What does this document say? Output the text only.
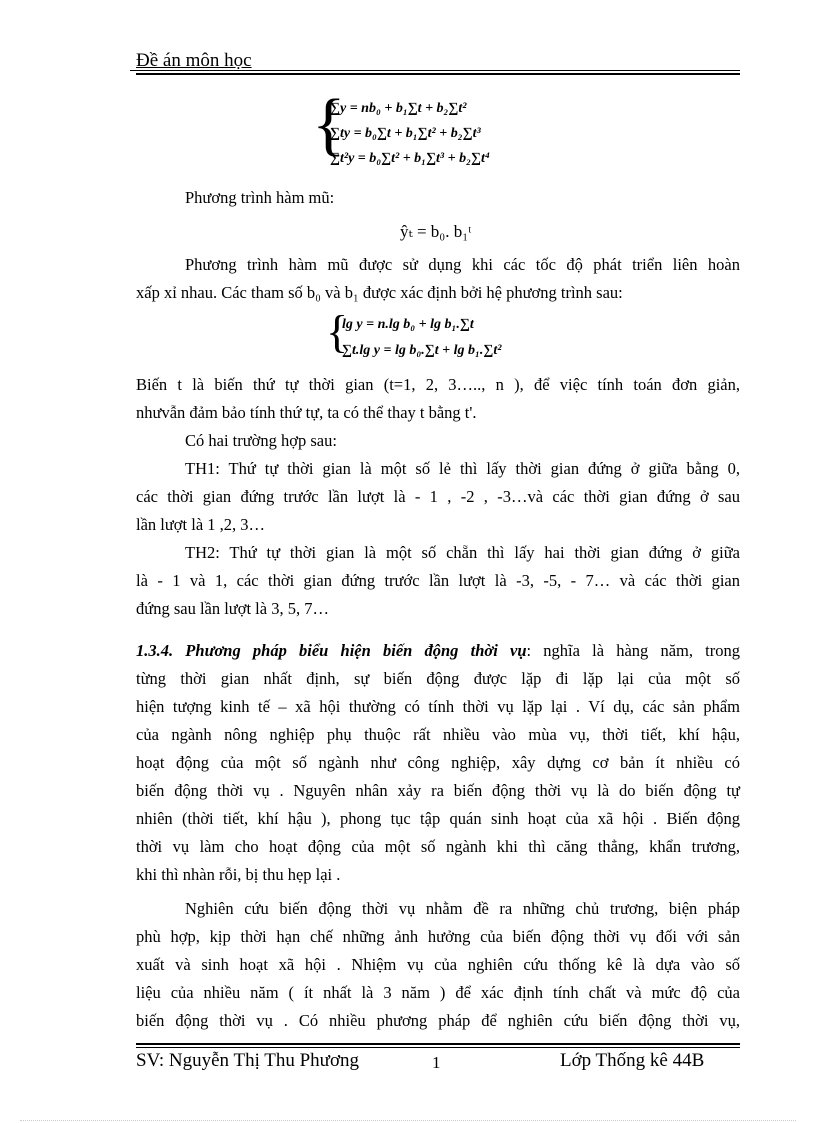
Đề án môn học
{
∑y = nb₀ + b₁∑t + b₂∑t²
∑ty = b₀∑t + b₁∑t² + b₂∑t³
∑t²y = b₀∑t² + b₁∑t³ + b₂∑t⁴
Phương trình hàm mũ:
ŷₜ = b₀. b₁ᵗ
Phương trình hàm mũ được sử dụng khi các tốc độ phát triển liên hoàn
xấp xỉ nhau. Các tham số b₀ và b₁ được xác định bởi hệ phương trình sau:
{
lg y = n.lg b₀ + lg b₁.∑t
∑t.lg y = lg b₀.∑t + lg b₁.∑t²
Biến t là biến thứ tự thời gian (t=1, 2, 3….., n ), để việc tính toán đơn giản,
nhưvẫn đảm bảo tính thứ tự, ta có thể thay t bằng t'.
Có hai trường hợp sau:
TH1: Thứ tự thời gian là một số lẻ thì lấy thời gian đứng ở giữa bằng 0,
các thời gian đứng trước lần lượt là - 1 , -2 , -3…và các thời gian đứng ở sau
lần lượt là 1 ,2, 3…
TH2: Thứ tự thời gian là một số chẵn thì lấy hai thời gian đứng ở giữa
là - 1 và 1, các thời gian đứng trước lần lượt là -3, -5, - 7… và các thời gian
đứng sau lần lượt là 3, 5, 7…
1.3.4. Phương pháp biểu hiện biến động thời vụ: nghĩa là hàng năm, trong
từng thời gian nhất định, sự biến động được lặp đi lặp lại của một số
hiện tượng kinh tế – xã hội thường có tính thời vụ lặp lại . Ví dụ, các sản phẩm
của ngành nông nghiệp phụ thuộc rất nhiều vào mùa vụ, thời tiết, khí hậu,
hoạt động của một số ngành như công nghiệp, xây dựng cơ bản ít nhiều có
biến động thời vụ . Nguyên nhân xảy ra biến động thời vụ là do biến động tự
nhiên (thời tiết, khí hậu ), phong tục tập quán sinh hoạt của xã hội . Biến động
thời vụ làm cho hoạt động của một số ngành khi thì căng thẳng, khẩn trương,
khi thì nhàn rỗi, bị thu hẹp lại .
Nghiên cứu biến động thời vụ nhằm đề ra những chủ trương, biện pháp
phù hợp, kịp thời hạn chế những ảnh hưởng của biến động thời vụ đối với sản
xuất và sinh hoạt xã hội . Nhiệm vụ của nghiên cứu thống kê là dựa vào số
liệu của nhiều năm ( ít nhất là 3 năm ) để xác định tính chất và mức độ của
biến động thời vụ . Có nhiều phương pháp để nghiên cứu biến động thời vụ,
SV: Nguyễn Thị Thu Phương	1	Lớp Thống kê 44B
